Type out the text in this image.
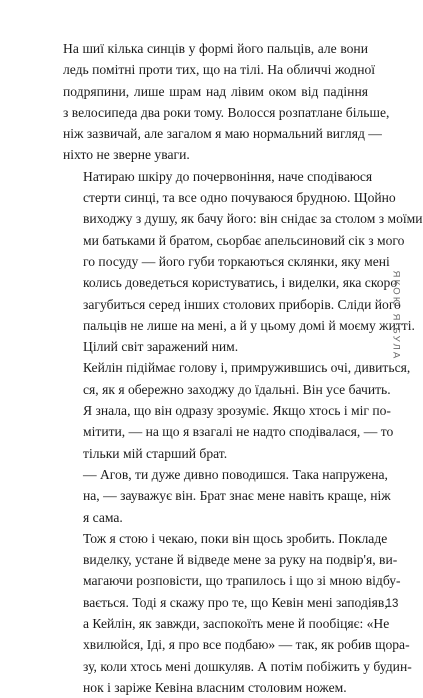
На шиї кілька синців у формі його пальців, але вони
ледь помітні проти тих, що на тілі. На обличчі жодної
подряпини, лише шрам над лівим оком від падіння
з велосипеда два роки тому. Волосся розпатлане більше,
ніж зазвичай, але загалом я маю нормальний вигляд —
ніхто не зверне уваги.

Натираю шкіру до почервоніння, наче сподіваюся
стерти синці, та все одно почуваюся брудною. Щойно
виходжу з душу, як бачу його: він снідає за столом з моїми
ми батьками й братом, сьорбає апельсиновий сік з мого
го посуду — його губи торкаються склянки, яку мені
колись доведеться користуватись, і виделки, яка скоро
загубиться серед інших столових приборів. Сліди його
пальців не лише на мені, а й у цьому домі й моєму житті.
Цілий світ заражений ним.

Кейлін підіймає голову і, примружившись очі, дивиться,
ся, як я обережно заходжу до їдальні. Він усе бачить.
Я знала, що він одразу зрозуміє. Якщо хтось і міг по-
мітити, — на що я взагалі не надто сподівалася, — то
тільки мій старший брат.

— Агов, ти дуже дивно поводишся. Така напружена,
на, — зауважує він. Брат знає мене навіть краще, ніж
я сама.

Тож я стою і чекаю, поки він щось зробить. Покладе
виделку, устане й відведе мене за руку на подвір'я, ви-
магаючи розповісти, що трапилось і що зі мною відбу-
вається. Тоді я скажу про те, що Кевін мені заподіяв,
а Кейлін, як завжди, заспокоїть мене й пообіцяє: «Не
хвилюйся, Іді, я про все подбаю» — так, як робив щора-
зу, коли хтось мені дошкуляв. А потім побіжить у будин-
нок і заріже Кевіна власним столовим ножем.

ЯКОЮ Я БУЛА
13
